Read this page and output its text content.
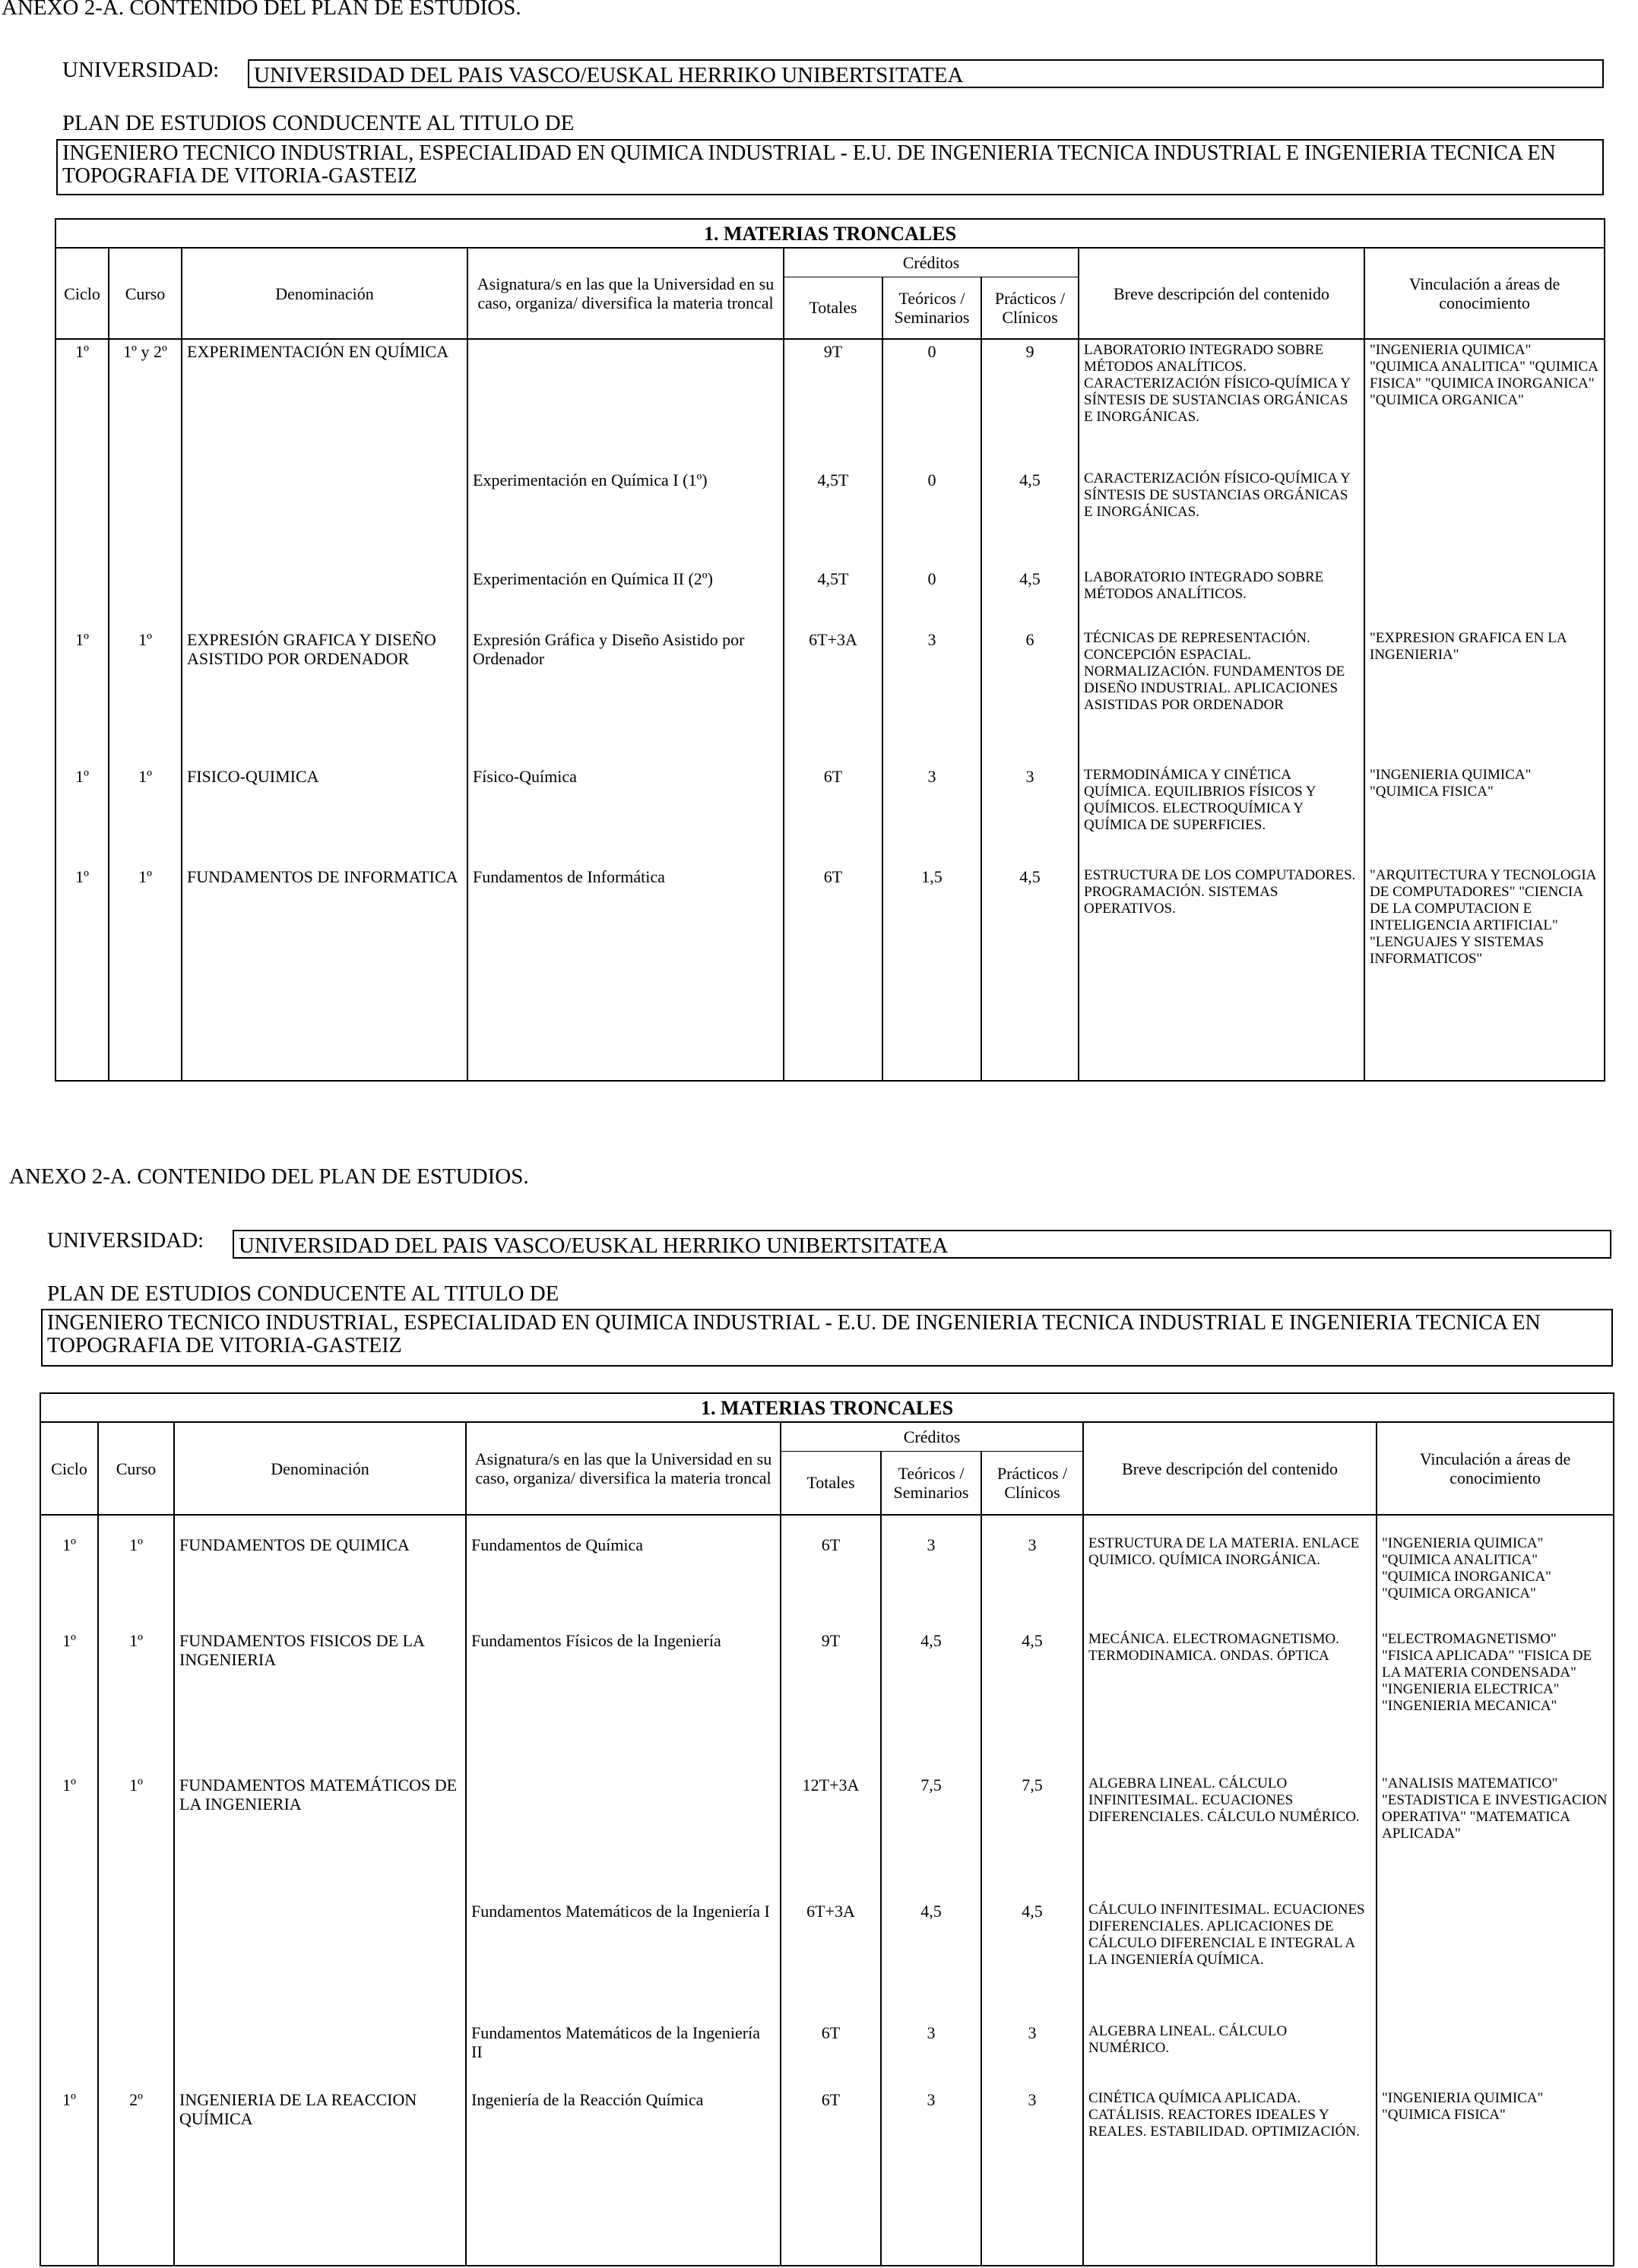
ANEXO 2-A. CONTENIDO DEL PLAN DE ESTUDIOS.
UNIVERSIDAD: UNIVERSIDAD DEL PAIS VASCO/EUSKAL HERRIKO UNIBERTSITATEA
PLAN DE ESTUDIOS CONDUCENTE AL TITULO DE
INGENIERO TECNICO INDUSTRIAL, ESPECIALIDAD EN QUIMICA INDUSTRIAL - E.U. DE INGENIERIA TECNICA INDUSTRIAL E INGENIERIA TECNICA EN TOPOGRAFIA DE VITORIA-GASTEIZ
1. MATERIAS TRONCALES								
Ciclo	Curso	Denominación	Asignatura/s en las que la Universidad en su caso, organiza/ diversifica la materia troncal	Créditos			Breve descripción del contenido	Vinculación a áreas de conocimiento
				Totales	Teóricos / Seminarios	Prácticos / Clínicos		
1º	1º y 2º	EXPERIMENTACIÓN EN QUÍMICA		9T	0	9	LABORATORIO INTEGRADO SOBRE MÉTODOS ANALÍTICOS. CARACTERIZACIÓN FÍSICO-QUÍMICA Y SÍNTESIS DE SUSTANCIAS ORGÁNICAS E INORGÁNICAS.	"INGENIERIA QUIMICA" "QUIMICA ANALITICA" "QUIMICA FISICA" "QUIMICA INORGANICA" "QUIMICA ORGANICA"
			Experimentación en Química I (1º)	4,5T	0	4,5	CARACTERIZACIÓN FÍSICO-QUÍMICA Y SÍNTESIS DE SUSTANCIAS ORGÁNICAS E INORGÁNICAS.	
			Experimentación en Química II (2º)	4,5T	0	4,5	LABORATORIO INTEGRADO SOBRE MÉTODOS ANALÍTICOS.	
1º	1º	EXPRESIÓN GRAFICA Y DISEÑO ASISTIDO POR ORDENADOR	Expresión Gráfica y Diseño Asistido por Ordenador	6T+3A	3	6	TÉCNICAS DE REPRESENTACIÓN. CONCEPCIÓN ESPACIAL. NORMALIZACIÓN. FUNDAMENTOS DE DISEÑO INDUSTRIAL. APLICACIONES ASISTIDAS POR ORDENADOR	"EXPRESION GRAFICA EN LA INGENIERIA"
1º	1º	FISICO-QUIMICA	Físico-Química	6T	3	3	TERMODINÁMICA Y CINÉTICA QUÍMICA. EQUILIBRIOS FÍSICOS Y QUÍMICOS. ELECTROQUÍMICA Y QUÍMICA DE SUPERFICIES.	"INGENIERIA QUIMICA" "QUIMICA FISICA"
1º	1º	FUNDAMENTOS DE INFORMATICA	Fundamentos de Informática	6T	1,5	4,5	ESTRUCTURA DE LOS COMPUTADORES. PROGRAMACIÓN. SISTEMAS OPERATIVOS.	"ARQUITECTURA Y TECNOLOGIA DE COMPUTADORES" "CIENCIA DE LA COMPUTACION E INTELIGENCIA ARTIFICIAL" "LENGUAJES Y SISTEMAS INFORMATICOS"
ANEXO 2-A. CONTENIDO DEL PLAN DE ESTUDIOS.
UNIVERSIDAD: UNIVERSIDAD DEL PAIS VASCO/EUSKAL HERRIKO UNIBERTSITATEA
PLAN DE ESTUDIOS CONDUCENTE AL TITULO DE
INGENIERO TECNICO INDUSTRIAL, ESPECIALIDAD EN QUIMICA INDUSTRIAL - E.U. DE INGENIERIA TECNICA INDUSTRIAL E INGENIERIA TECNICA EN TOPOGRAFIA DE VITORIA-GASTEIZ
1. MATERIAS TRONCALES								
Ciclo	Curso	Denominación	Asignatura/s en las que la Universidad en su caso, organiza/ diversifica la materia troncal	Créditos			Breve descripción del contenido	Vinculación a áreas de conocimiento
				Totales	Teóricos / Seminarios	Prácticos / Clínicos		
1º	1º	FUNDAMENTOS DE QUIMICA	Fundamentos de Química	6T	3	3	ESTRUCTURA DE LA MATERIA. ENLACE QUIMICO. QUÍMICA INORGÁNICA.	"INGENIERIA QUIMICA" "QUIMICA ANALITICA" "QUIMICA INORGANICA" "QUIMICA ORGANICA"
1º	1º	FUNDAMENTOS FISICOS DE LA INGENIERIA	Fundamentos Físicos de la Ingeniería	9T	4,5	4,5	MECÁNICA. ELECTROMAGNETISMO. TERMODINAMICA. ONDAS. ÓPTICA	"ELECTROMAGNETISMO" "FISICA APLICADA" "FISICA DE LA MATERIA CONDENSADA" "INGENIERIA ELECTRICA" "INGENIERIA MECANICA"
1º	1º	FUNDAMENTOS MATEMÁTICOS DE LA INGENIERIA		12T+3A	7,5	7,5	ALGEBRA LINEAL. CÁLCULO INFINITESIMAL. ECUACIONES DIFERENCIALES. CÁLCULO NUMÉRICO.	"ANALISIS MATEMATICO" "ESTADISTICA E INVESTIGACION OPERATIVA" "MATEMATICA APLICADA"
			Fundamentos Matemáticos de la Ingeniería I	6T+3A	4,5	4,5	CÁLCULO INFINITESIMAL. ECUACIONES DIFERENCIALES. APLICACIONES DE CÁLCULO DIFERENCIAL E INTEGRAL A LA INGENIERÍA QUÍMICA.	
			Fundamentos Matemáticos de la Ingeniería II	6T	3	3	ALGEBRA LINEAL. CÁLCULO NUMÉRICO.	
1º	2º	INGENIERIA DE LA REACCION QUÍMICA	Ingeniería de la Reacción Química	6T	3	3	CINÉTICA QUÍMICA APLICADA. CATÁLISIS. REACTORES IDEALES Y REALES. ESTABILIDAD. OPTIMIZACIÓN.	"INGENIERIA QUIMICA" "QUIMICA FISICA"
